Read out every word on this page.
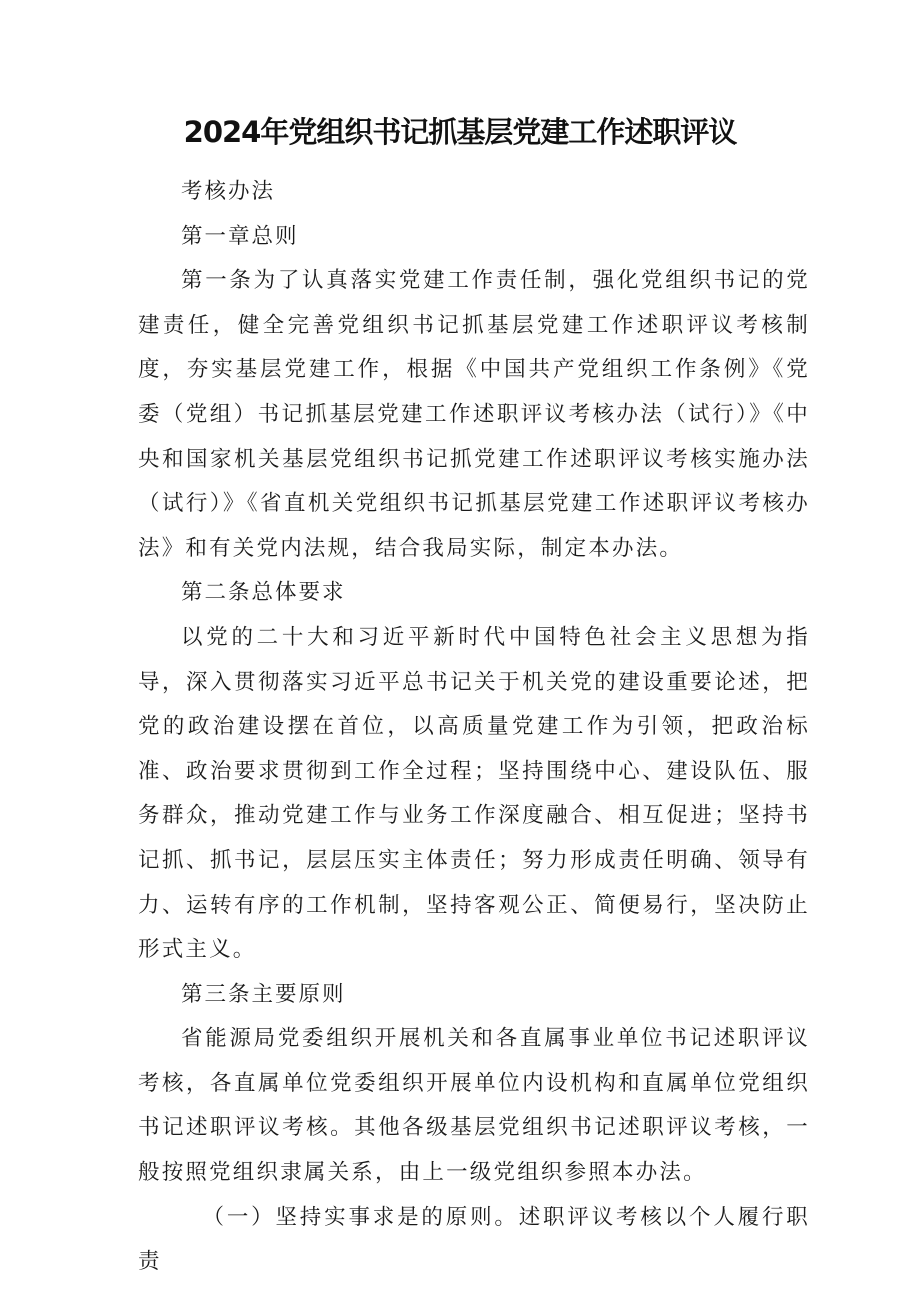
2024年党组织书记抓基层党建工作述职评议

考核办法

第一章总则

第一条为了认真落实党建工作责任制，强化党组织书记的党建责任，健全完善党组织书记抓基层党建工作述职评议考核制度，夯实基层党建工作，根据《中国共产党组织工作条例》《党委（党组）书记抓基层党建工作述职评议考核办法（试行）》《中央和国家机关基层党组织书记抓党建工作述职评议考核实施办法（试行）》《省直机关党组织书记抓基层党建工作述职评议考核办法》和有关党内法规，结合我局实际，制定本办法。

第二条总体要求

以党的二十大和习近平新时代中国特色社会主义思想为指导，深入贯彻落实习近平总书记关于机关党的建设重要论述，把党的政治建设摆在首位，以高质量党建工作为引领，把政治标准、政治要求贯彻到工作全过程；坚持围绕中心、建设队伍、服务群众，推动党建工作与业务工作深度融合、相互促进；坚持书记抓、抓书记，层层压实主体责任；努力形成责任明确、领导有力、运转有序的工作机制，坚持客观公正、简便易行，坚决防止形式主义。

第三条主要原则

省能源局党委组织开展机关和各直属事业单位书记述职评议考核，各直属单位党委组织开展单位内设机构和直属单位党组织书记述职评议考核。其他各级基层党组织书记述职评议考核，一般按照党组织隶属关系，由上一级党组织参照本办法。

（一）坚持实事求是的原则。述职评议考核以个人履行职责
